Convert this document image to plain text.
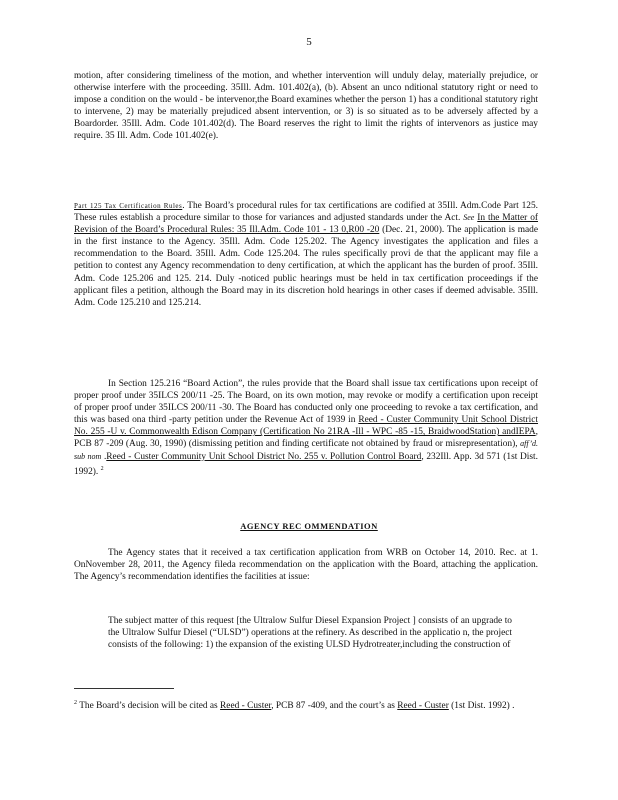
5

motion, after considering timeliness of the motion, and whether intervention will unduly delay, materially prejudice, or otherwise interfere with the proceeding. 35Ill. Adm. 101.402(a), (b). Absent an unco nditional statutory right or need to impose a condition on the would - be intervenor,the Board examines whether the person 1) has a conditional statutory right to intervene, 2) may be materially prejudiced absent intervention, or 3) is so situated as to be adversely affected by a Boardorder. 35Ill. Adm. Code 101.402(d). The Board reserves the right to limit the rights of intervenors as justice may require. 35 Ill. Adm. Code 101.402(e).

Part 125 Tax Certification Rules. The Board’s procedural rules for tax certifications are codified at 35Ill. Adm.Code Part 125. These rules establish a procedure similar to those for variances and adjusted standards under the Act. See In the Matter of Revision of the Board’s Procedural Rules: 35 Ill.Adm. Code 101 - 13 0,R00 -20 (Dec. 21, 2000). The application is made in the first instance to the Agency. 35Ill. Adm. Code 125.202. The Agency investigates the application and files a recommendation to the Board. 35Ill. Adm. Code 125.204. The rules specifically provi de that the applicant may file a petition to contest any Agency recommendation to deny certification, at which the applicant has the burden of proof. 35Ill. Adm. Code 125.206 and 125. 214. Duly -noticed public hearings must be held in tax certification proceedings if the applicant files a petition, although the Board may in its discretion hold hearings in other cases if deemed advisable. 35Ill. Adm. Code 125.210 and 125.214.

In Section 125.216 “Board Action”, the rules provide that the Board shall issue tax certifications upon receipt of proper proof under 35ILCS 200/11 -25. The Board, on its own motion, may revoke or modify a certification upon receipt of proper proof under 35ILCS 200/11 -30. The Board has conducted only one proceeding to revoke a tax certification, and this was based ona third -party petition under the Revenue Act of 1939 in Reed - Custer Community Unit School District No. 255 -U v. Commonwealth Edison Company (Certification No 21RA -Ill - WPC -85 -15, BraidwoodStation) andIEPA, PCB 87 -209 (Aug. 30, 1990) (dismissing petition and finding certificate not obtained by fraud or misrepresentation), aff’d. sub nom .Reed - Custer Community Unit School District No. 255 v. Pollution Control Board, 232Ill. App. 3d 571 (1st Dist. 1992). $^2$

AGENCY REC OMMENDATION

The Agency states that it received a tax certification application from WRB on October 14, 2010. Rec. at 1. OnNovember 28, 2011, the Agency fileda recommendation on the application with the Board, attaching the application. The Agency’s recommendation identifies the facilities at issue:

The subject matter of this request [the Ultralow Sulfur Diesel Expansion Project ] consists of an upgrade to the Ultralow Sulfur Diesel (“ULSD”) operations at the refinery. As described in the applicatio n, the project consists of the following: 1) the expansion of the existing ULSD Hydrotreater,including the construction of

$^2$ The Board’s decision will be cited as Reed - Custer, PCB 87 -409, and the court’s as Reed - Custer (1st Dist. 1992) .
